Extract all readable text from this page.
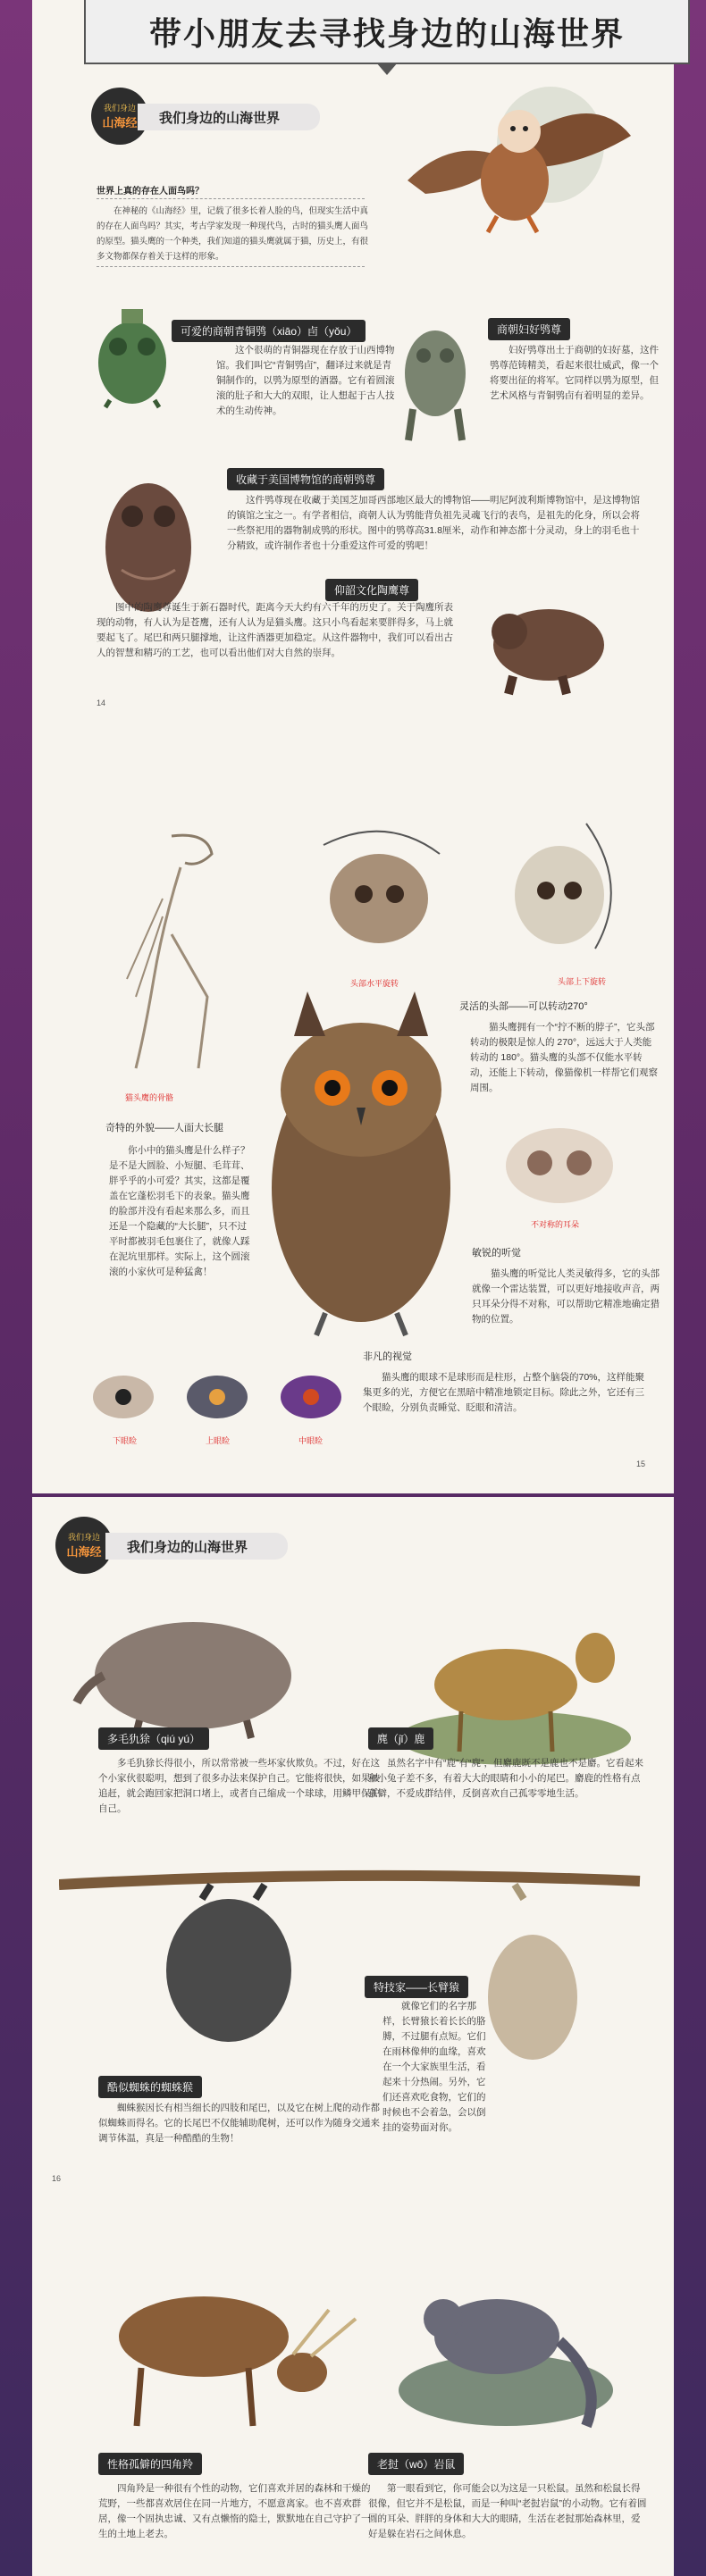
带小朋友去寻找身边的山海世界
我们身边
山海经	我们身边的山海世界
世界上真的存在人面鸟吗？
在神秘的《山海经》里，记载了很多长着人脸的鸟，但现实生活中真的存在人面鸟吗？其实，考古学家发现一种现代鸟，古时的猫头鹰人面鸟的原型。猫头鹰的一个种类，我们知道的猫头鹰就属于猫，历史上，有很多文物都保存着关于这样的形象。
可爱的商朝青铜鸮（xiāo）卣（yǒu）
这个很萌的青铜器现在存放于山西博物馆。我们叫它“青铜鸮卣”，翻译过来就是青铜制作的，以鸮为原型的酒器。它有着圆滚滚的肚子和大大的双眼，让人想起于古人技术的生动传神。
商朝妇好鸮尊
妇好鸮尊出土于商朝的妇好墓，这件鸮尊范铸精美，看起来很壮威武，像一个将要出征的将军。它同样以鸮为原型，但艺术风格与青铜鸮卣有着明显的差异。
收藏于美国博物馆的商朝鸮尊
这件鸮尊现在收藏于美国芝加哥西部地区最大的博物馆——明尼阿波利斯博物馆中，是这博物馆的镇馆之宝之一。有学者相信，商朝人认为鸮能背负祖先灵魂飞行的表鸟，是祖先的化身，所以会将一些祭祀用的器物制成鸮的形状。图中的鸮尊高31.8厘米，动作和神态都十分灵动，身上的羽毛也十分精致，或许制作者也十分重爱这件可爱的鸮吧！
仰韶文化陶鹰尊
图中的陶鹰尊诞生于新石器时代，距离今天大约有六千年的历史了。关于陶鹰所表现的动物，有人认为是苍鹰，还有人认为是猫头鹰。这只小鸟看起来要胖得多，马上就要起飞了。尾巴和两只腿撑地，让这件酒器更加稳定。从这件器物中，我们可以看出古人的智慧和精巧的工艺，也可以看出他们对大自然的崇拜。
14
猫头鹰的骨骼
头部水平旋转	头部上下旋转
灵活的头部——可以转动270°
猫头鹰拥有一个“拧不断的脖子”，它头部转动的极限是惊人的 270°，远远大于人类能转动的 180°。猫头鹰的头部不仅能水平转动，还能上下转动，像猫像机一样帮它们观察周围。
奇特的外貌——人面大长腿
你小中的猫头鹰是什么样子？是不是大圆脸、小短腿、毛茸茸、胖乎乎的小可爱？其实，这都是覆盖在它蓬松羽毛下的表象。猫头鹰的脸部并没有看起来那么多，而且还是一个隐藏的“大长腿”，只不过平时都被羽毛包裹住了，就像人踩在泥坑里那样。实际上，这个圆滚滚的小家伙可是种猛禽！
不对称的耳朵
敏锐的听觉
猫头鹰的听觉比人类灵敏得多，它的头部就像一个雷达装置，可以更好地接收声音，两只耳朵分得不对称，可以帮助它精准地确定猎物的位置。
非凡的视觉
猫头鹰的眼球不是球形而是柱形，占整个脑袋的70%，这样能聚集更多的光，方便它在黑暗中精准地锁定目标。除此之外，它还有三个眼睑，分别负责睡觉、眨眼和清洁。
下眼睑	上眼睑	中眼睑
15
我们身边
山海经	我们身边的山海世界
多毛犰狳（qiú yú）
多毛犰狳长得很小，所以常常被一些坏家伙欺负。不过，好在这个小家伙很聪明，想到了很多办法来保护自己。它能将很快，如果被追赶，就会跑回家把洞口堵上，或者自己缩成一个球球，用鳞甲保护自己。
麂（jǐ）鹿
虽然名字中有“鹿”有“麂”，但麝鹿既不是鹿也不是麝。它看起来和小兔子差不多，有着大大的眼睛和小小的尾巴。麝鹿的性格有点孤僻，不爱成群结伴，反倒喜欢自己孤零零地生活。
特技家——长臂猿
就像它们的名字那样，长臂猿长着长长的胳膊，不过腿有点短。它们在雨林像伸的血缘，喜欢在一个大家族里生活，看起来十分热闹。另外，它们还喜欢吃食物，它们的时候也不会着急，会以倒挂的姿势面对你。
酷似蜘蛛的蜘蛛猴
蜘蛛猴因长有相当细长的四肢和尾巴，以及它在树上爬的动作都似蜘蛛而得名。它的长尾巴不仅能辅助爬树，还可以作为随身交通来调节体温，真是一种酷酷的生物！
16
性格孤僻的四角羚
四角羚是一种很有个性的动物，它们喜欢并居的森林和干燥的荒野，一些都喜欢居住在同一片地方，不愿意离家。也不喜欢群居，像一个固执忠诚、又有点懒惰的隐士，默默地在自己守护了一生的土地上老去。
老挝（wō）岩鼠
第一眼看到它，你可能会以为这是一只松鼠。虽然和松鼠长得很像，但它并不是松鼠，而是一种叫“老挝岩鼠”的小动物。它有着圆圆的耳朵、胖胖的身体和大大的眼睛，生活在老挝那始森林里，爱好是躲在岩石之间休息。
